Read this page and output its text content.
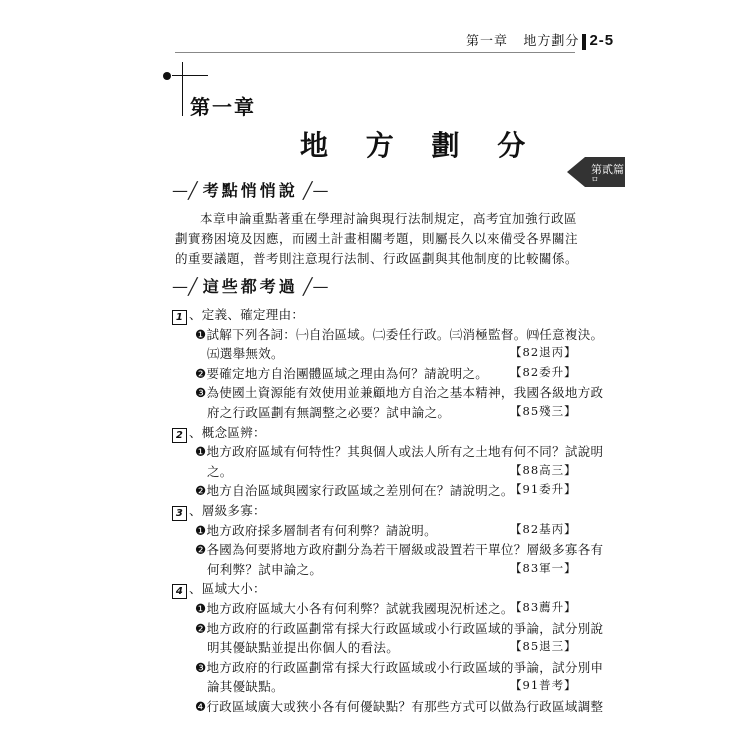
第一章 地方劃分 2-5
第一章
地 方 劃 分
第貳篇
ㅁ
—╱ 考點悄悄說 ╱—
本章申論重點著重在學理討論與現行法制規定，高考宜加強行政區劃實務困境及因應，而國土計畫相關考題，則屬長久以來備受各界關注的重要議題，普考則注意現行法制、行政區劃與其他制度的比較關係。
—╱ 這些都考過 ╱—
1 、定義、確定理由：
❶試解下列各詞：㈠自治區域。㈡委任行政。㈢消極監督。㈣任意複決。
㈤選舉無效。	【82退丙】
❷要確定地方自治團體區域之理由為何？請說明之。 【82委升】
❸為使國土資源能有效使用並兼顧地方自治之基本精神，我國各級地方政
府之行政區劃有無調整之必要？試申論之。	【85殘三】
2 、概念區辨：
❶地方政府區域有何特性？其與個人或法人所有之土地有何不同？試說明
之。	【88高三】
❷地方自治區域與國家行政區域之差別何在？請說明之。
【91委升】
3 、層級多寡：
❶地方政府採多層制者有何利弊？請說明。	【82基丙】
❷各國為何要將地方政府劃分為若干層級或設置若干單位？層級多寡各有
何利弊？試申論之。	【83軍一】
4 、區域大小：
❶地方政府區域大小各有何利弊？試就我國現況析述之。
【83薦升】
❷地方政府的行政區劃常有採大行政區域或小行政區域的爭論，試分別說
明其優缺點並提出你個人的看法。	【85退三】
❸地方政府的行政區劃常有採大行政區域或小行政區域的爭論，試分別申
論其優缺點。	【91普考】
❹行政區域廣大或狹小各有何優缺點？有那些方式可以做為行政區域調整
